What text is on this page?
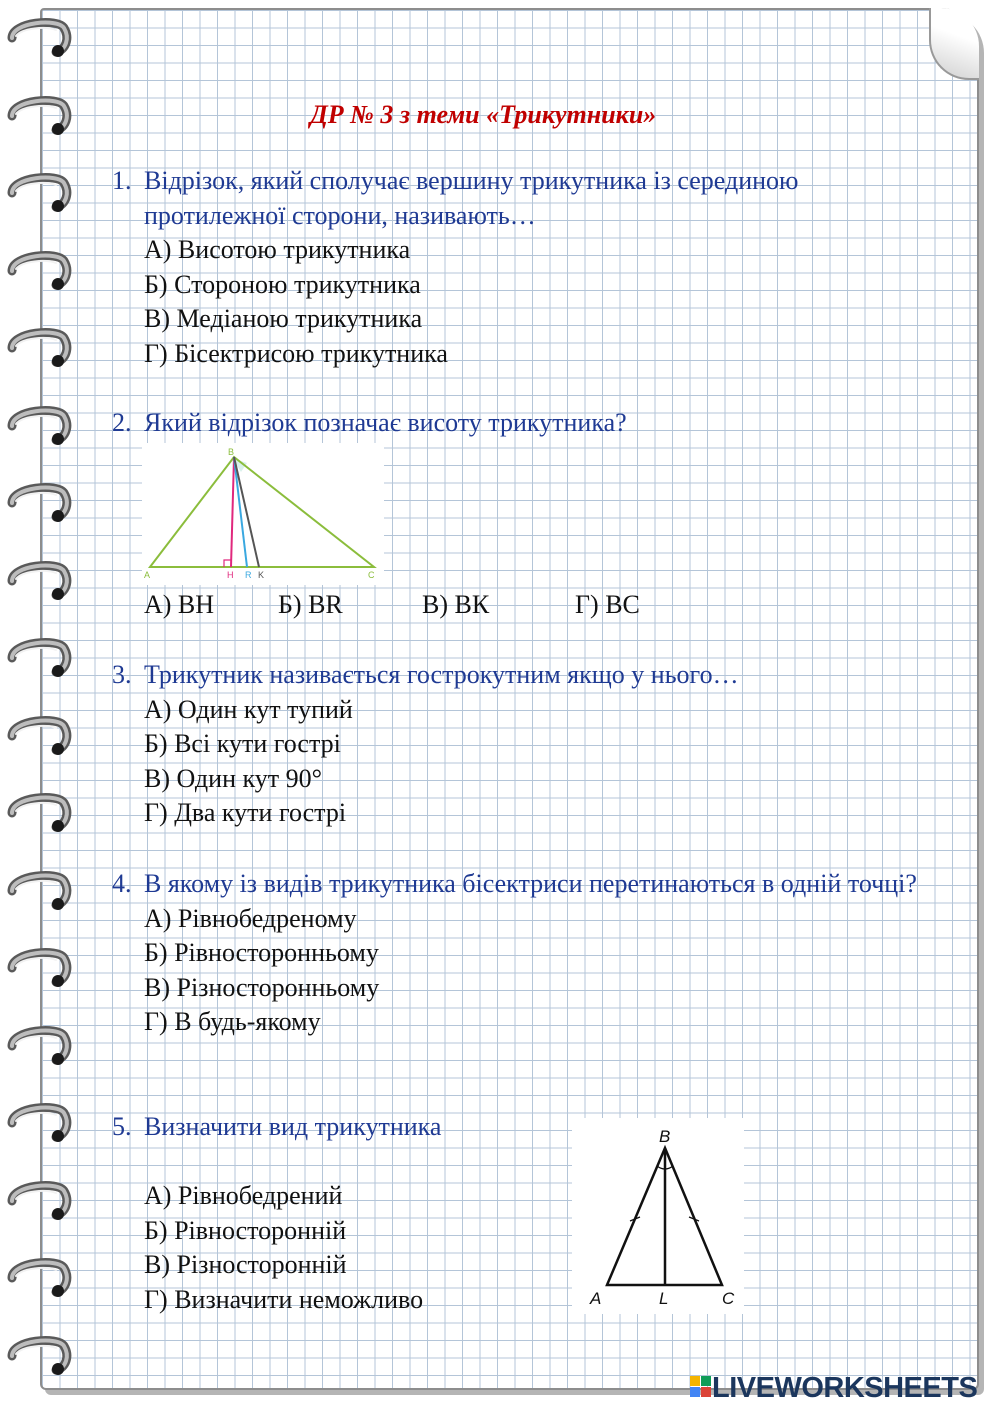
ДР № 3 з теми «Трикутники»
1. Відрізок, який сполучає вершину трикутника із серединою протилежної сторони, називають…
А) Висотою трикутника
Б) Стороною трикутника
В) Медіаною трикутника
Г) Бісектрисою трикутника
2. Який відрізок позначає висоту трикутника?
B
A	H R K	C
А) ВН Б) BR	В) ВК	Г) ВС
3. Трикутник називається гострокутним якщо у нього…
А) Один кут тупий
Б) Всі кути гострі
В) Один кут 90°
Г) Два кути гострі
4. В якому із видів трикутника бісектриси перетинаються в одній точці?
А) Рівнобедреному
Б) Рівносторонньому
В) Різносторонньому
Г) В будь-якому
5. Визначити вид трикутника
А) Рівнобедрений
Б) Рівносторонній
В) Різносторонній
Г) Визначити неможливо
B
A	L	C
LIVEWORKSHEETS
